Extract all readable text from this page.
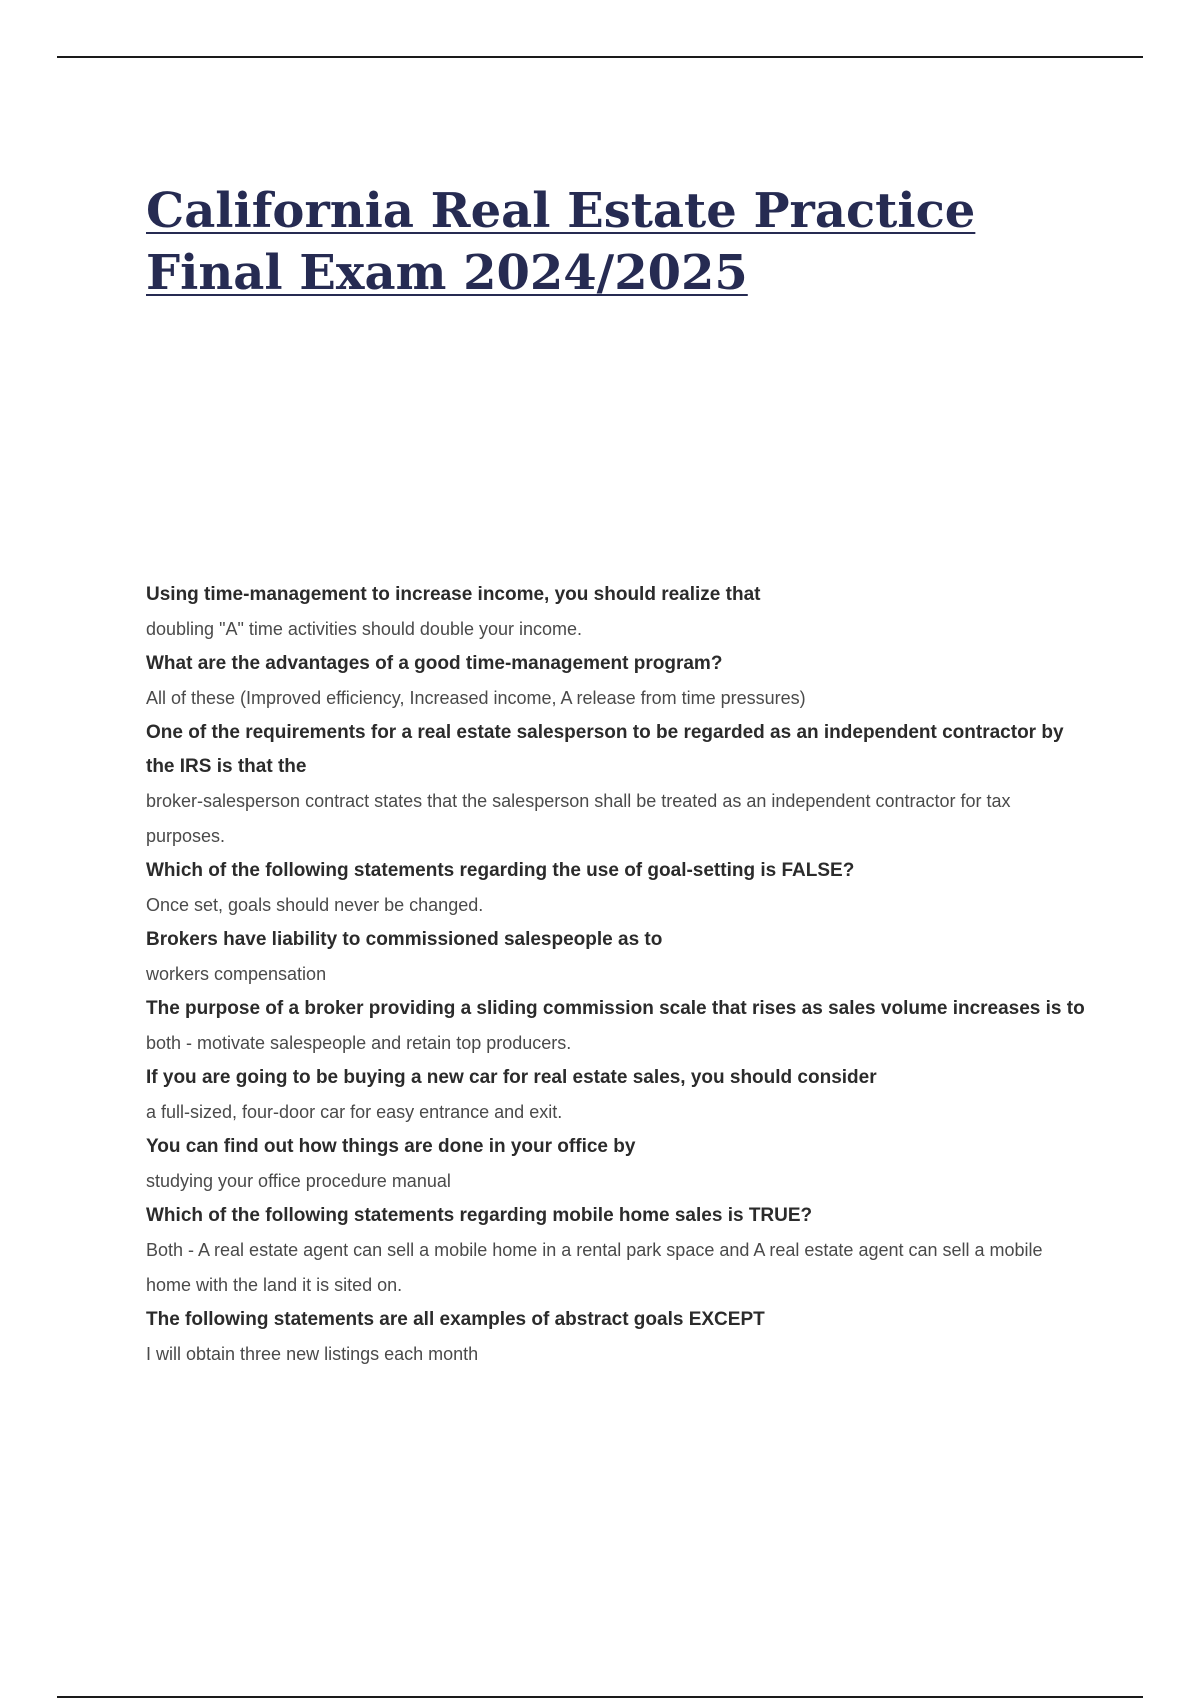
California Real Estate Practice Final Exam 2024/2025
Using time-management to increase income, you should realize that
doubling "A" time activities should double your income.
What are the advantages of a good time-management program?
All of these (Improved efficiency, Increased income, A release from time pressures)
One of the requirements for a real estate salesperson to be regarded as an independent contractor by the IRS is that the
broker-salesperson contract states that the salesperson shall be treated as an independent contractor for tax purposes.
Which of the following statements regarding the use of goal-setting is FALSE?
Once set, goals should never be changed.
Brokers have liability to commissioned salespeople as to
workers compensation
The purpose of a broker providing a sliding commission scale that rises as sales volume increases is to
both - motivate salespeople and retain top producers.
If you are going to be buying a new car for real estate sales, you should consider
a full-sized, four-door car for easy entrance and exit.
You can find out how things are done in your office by
studying your office procedure manual
Which of the following statements regarding mobile home sales is TRUE?
Both - A real estate agent can sell a mobile home in a rental park space and A real estate agent can sell a mobile home with the land it is sited on.
The following statements are all examples of abstract goals EXCEPT
I will obtain three new listings each month
